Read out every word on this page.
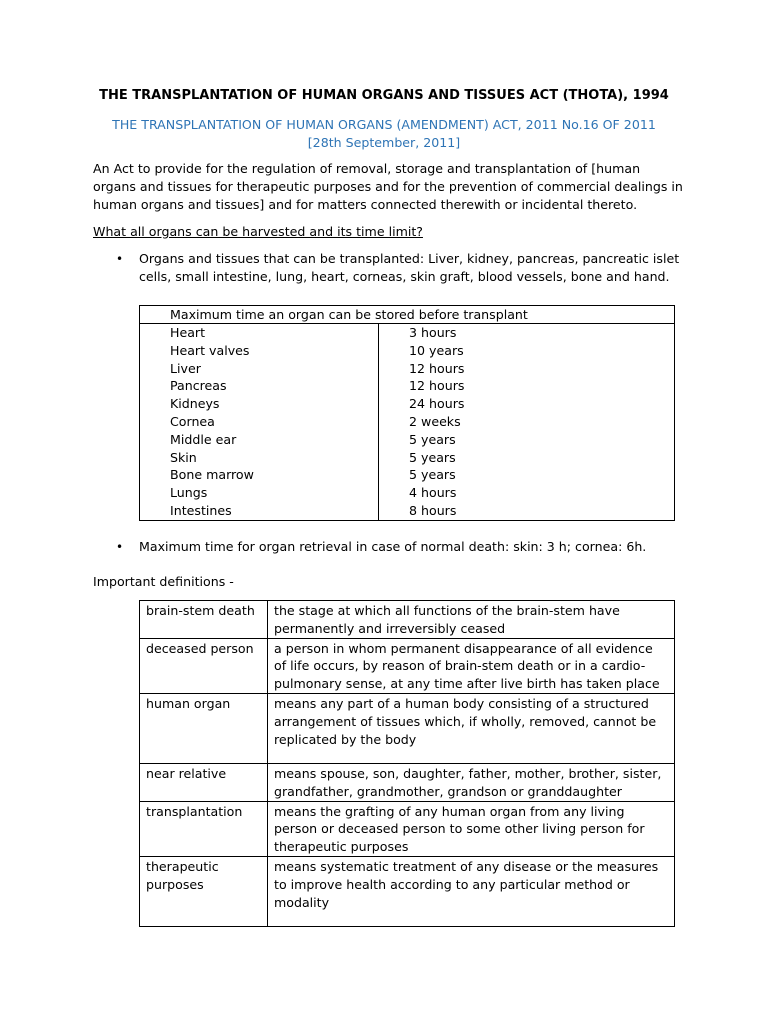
THE TRANSPLANTATION OF HUMAN ORGANS AND TISSUES ACT (THOTA), 1994
THE TRANSPLANTATION OF HUMAN ORGANS (AMENDMENT) ACT, 2011 No.16 OF 2011
[28th September, 2011]
An Act to provide for the regulation of removal, storage and transplantation of [human organs and tissues for therapeutic purposes and for the prevention of commercial dealings in human organs and tissues] and for matters connected therewith or incidental thereto.
What all organs can be harvested and its time limit?
• Organs and tissues that can be transplanted: Liver, kidney, pancreas, pancreatic islet cells, small intestine, lung, heart, corneas, skin graft, blood vessels, bone and hand.
Maximum time an organ can be stored before transplant	
Heart	3 hours
Heart valves	10 years
Liver	12 hours
Pancreas	12 hours
Kidneys	24 hours
Cornea	2 weeks
Middle ear	5 years
Skin	5 years
Bone marrow	5 years
Lungs	4 hours
Intestines	8 hours
• Maximum time for organ retrieval in case of normal death: skin: 3 h; cornea: 6h.
Important definitions -
brain-stem death	the stage at which all functions of the brain-stem have permanently and irreversibly ceased
deceased person	a person in whom permanent disappearance of all evidence of life occurs, by reason of brain-stem death or in a cardio-pulmonary sense, at any time after live birth has taken place
human organ	means any part of a human body consisting of a structured arrangement of tissues which, if wholly, removed, cannot be replicated by the body
near relative	means spouse, son, daughter, father, mother, brother, sister, grandfather, grandmother, grandson or granddaughter
transplantation	means the grafting of any human organ from any living person or deceased person to some other living person for therapeutic purposes
therapeutic purposes	means systematic treatment of any disease or the measures to improve health according to any particular method or modality
